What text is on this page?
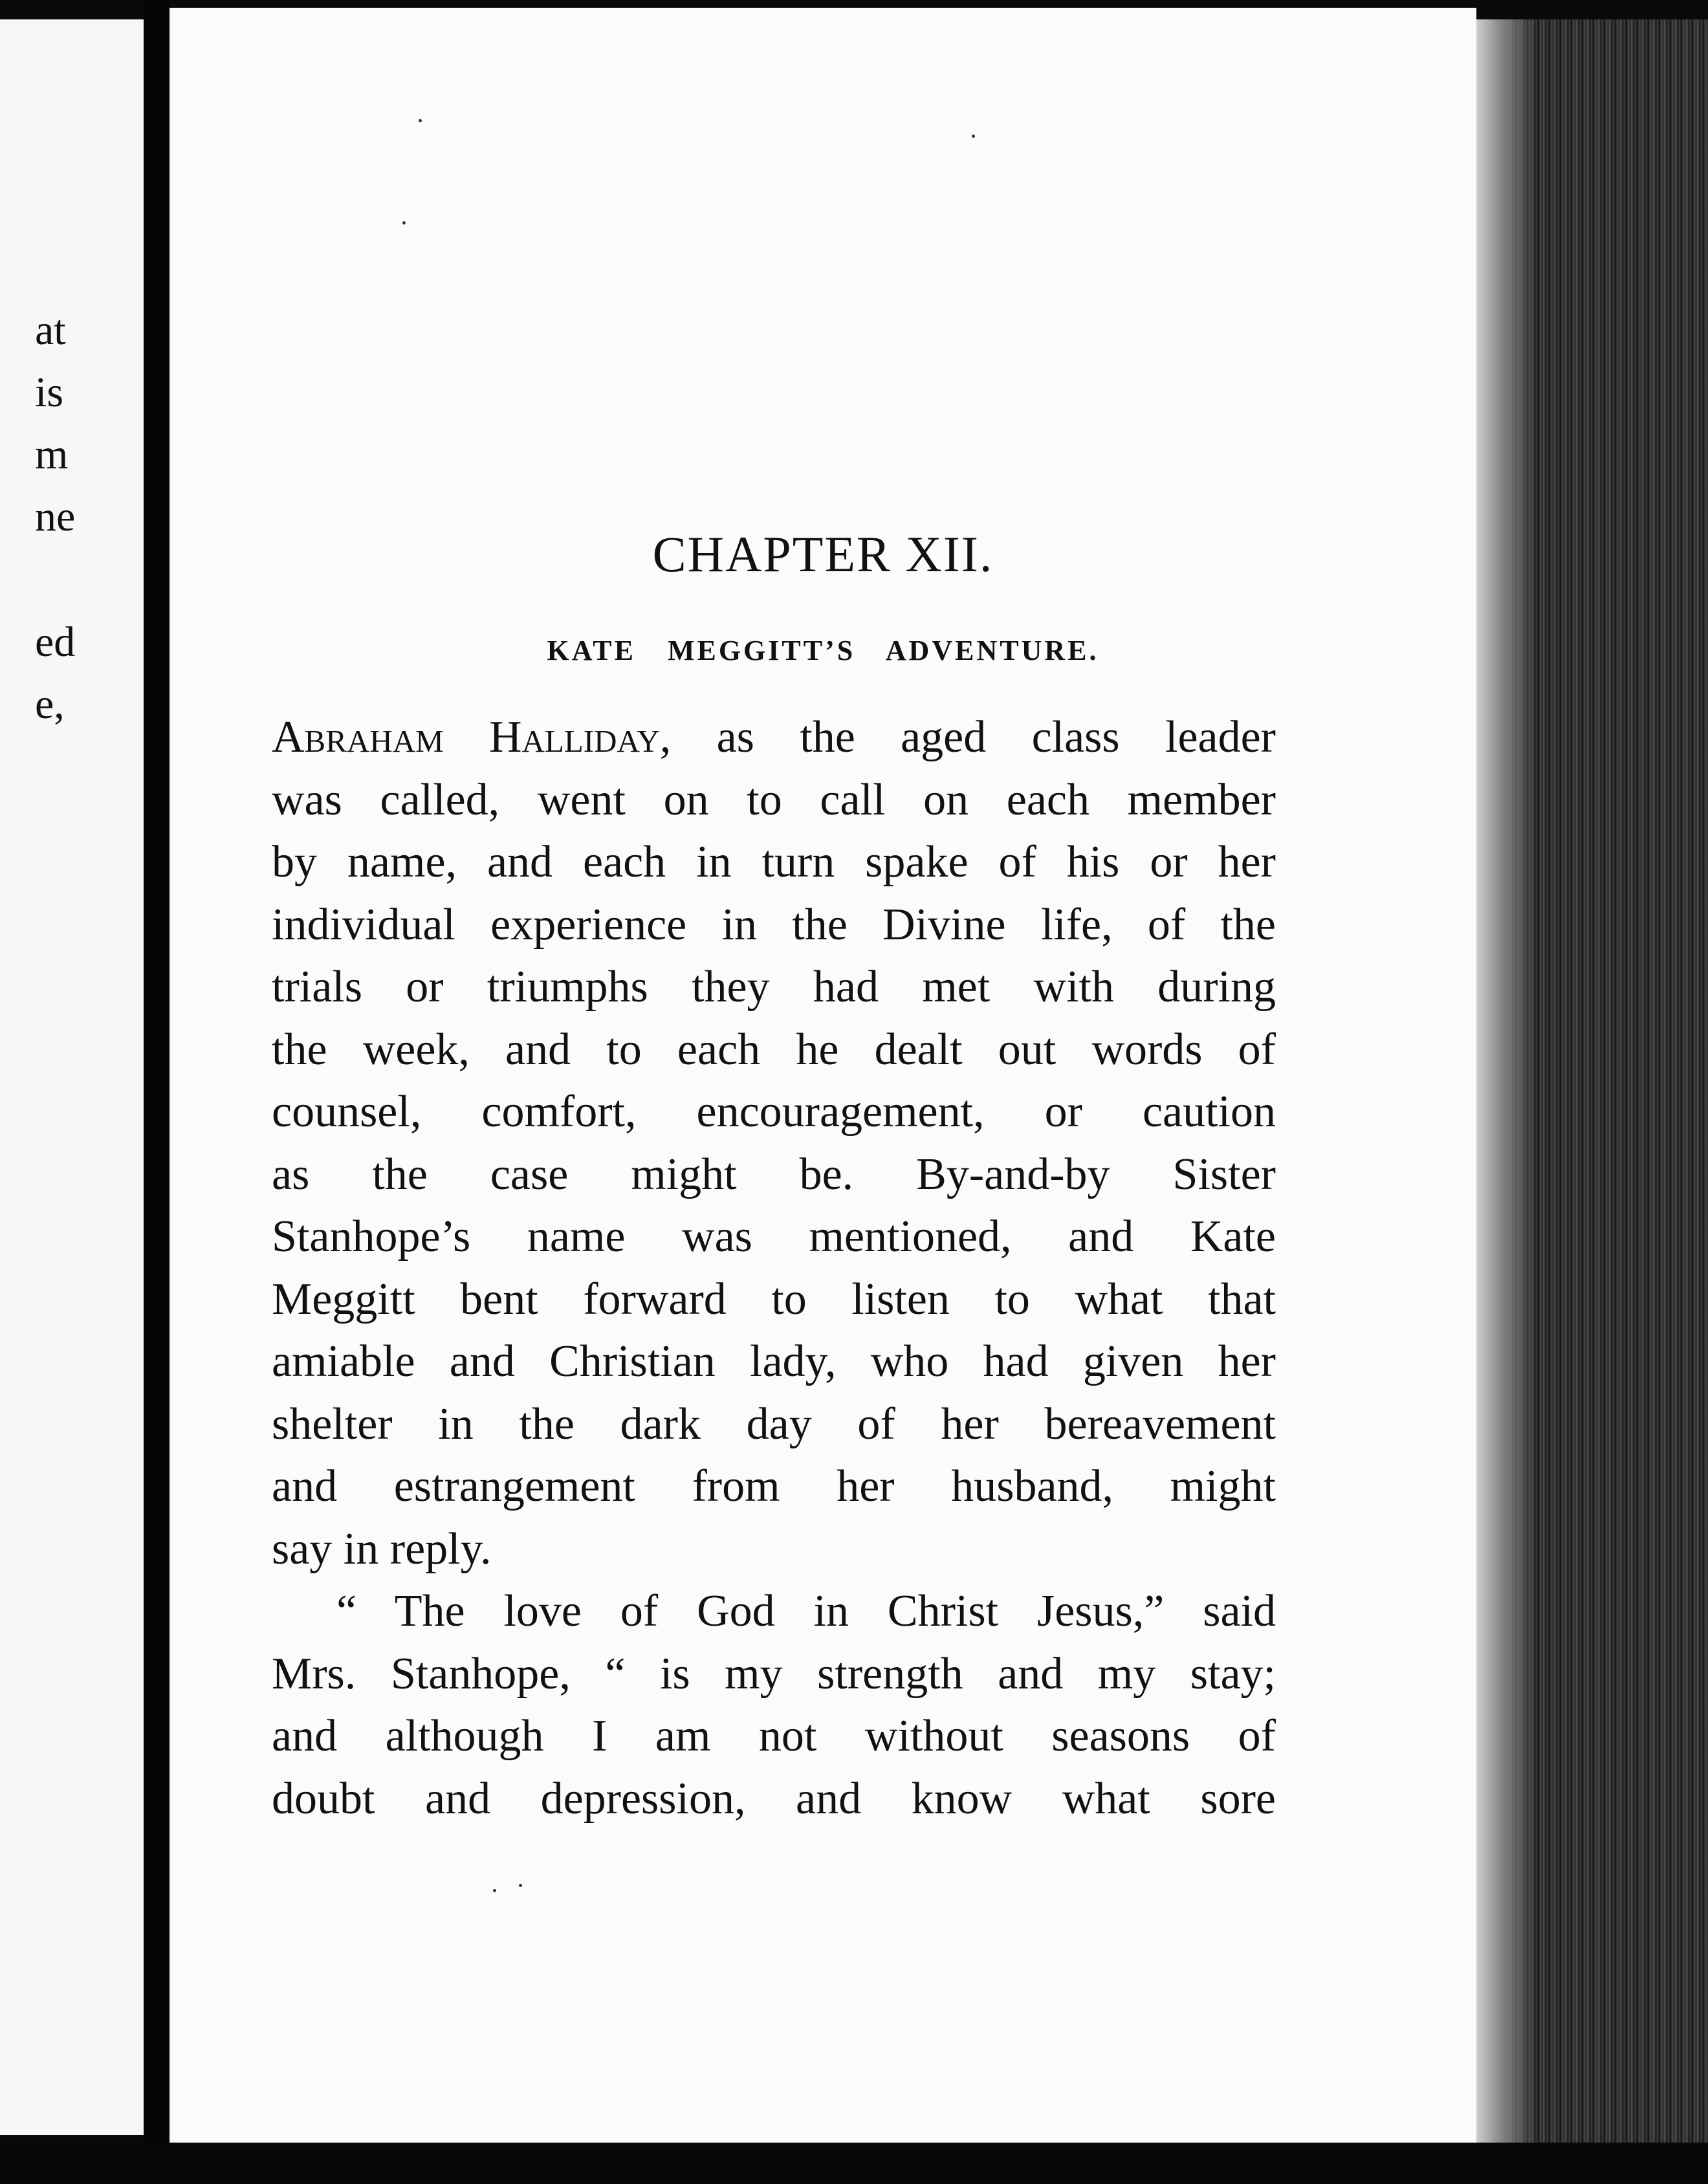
at
is
m
ne
ed
e,
CHAPTER XII.
KATE MEGGITT’S ADVENTURE.
Abraham Halliday, as the aged class leader
was called, went on to call on each member
by name, and each in turn spake of his or her
individual experience in the Divine life, of the
trials or triumphs they had met with during
the week, and to each he dealt out words of
counsel, comfort, encouragement, or caution
as the case might be. By-and-by Sister
Stanhope’s name was mentioned, and Kate
Meggitt bent forward to listen to what that
amiable and Christian lady, who had given her
shelter in the dark day of her bereavement
and estrangement from her husband, might
say in reply.
“ The love of God in Christ Jesus,” said
Mrs. Stanhope, “ is my strength and my stay;
and although I am not without seasons of
doubt and depression, and know what sore
